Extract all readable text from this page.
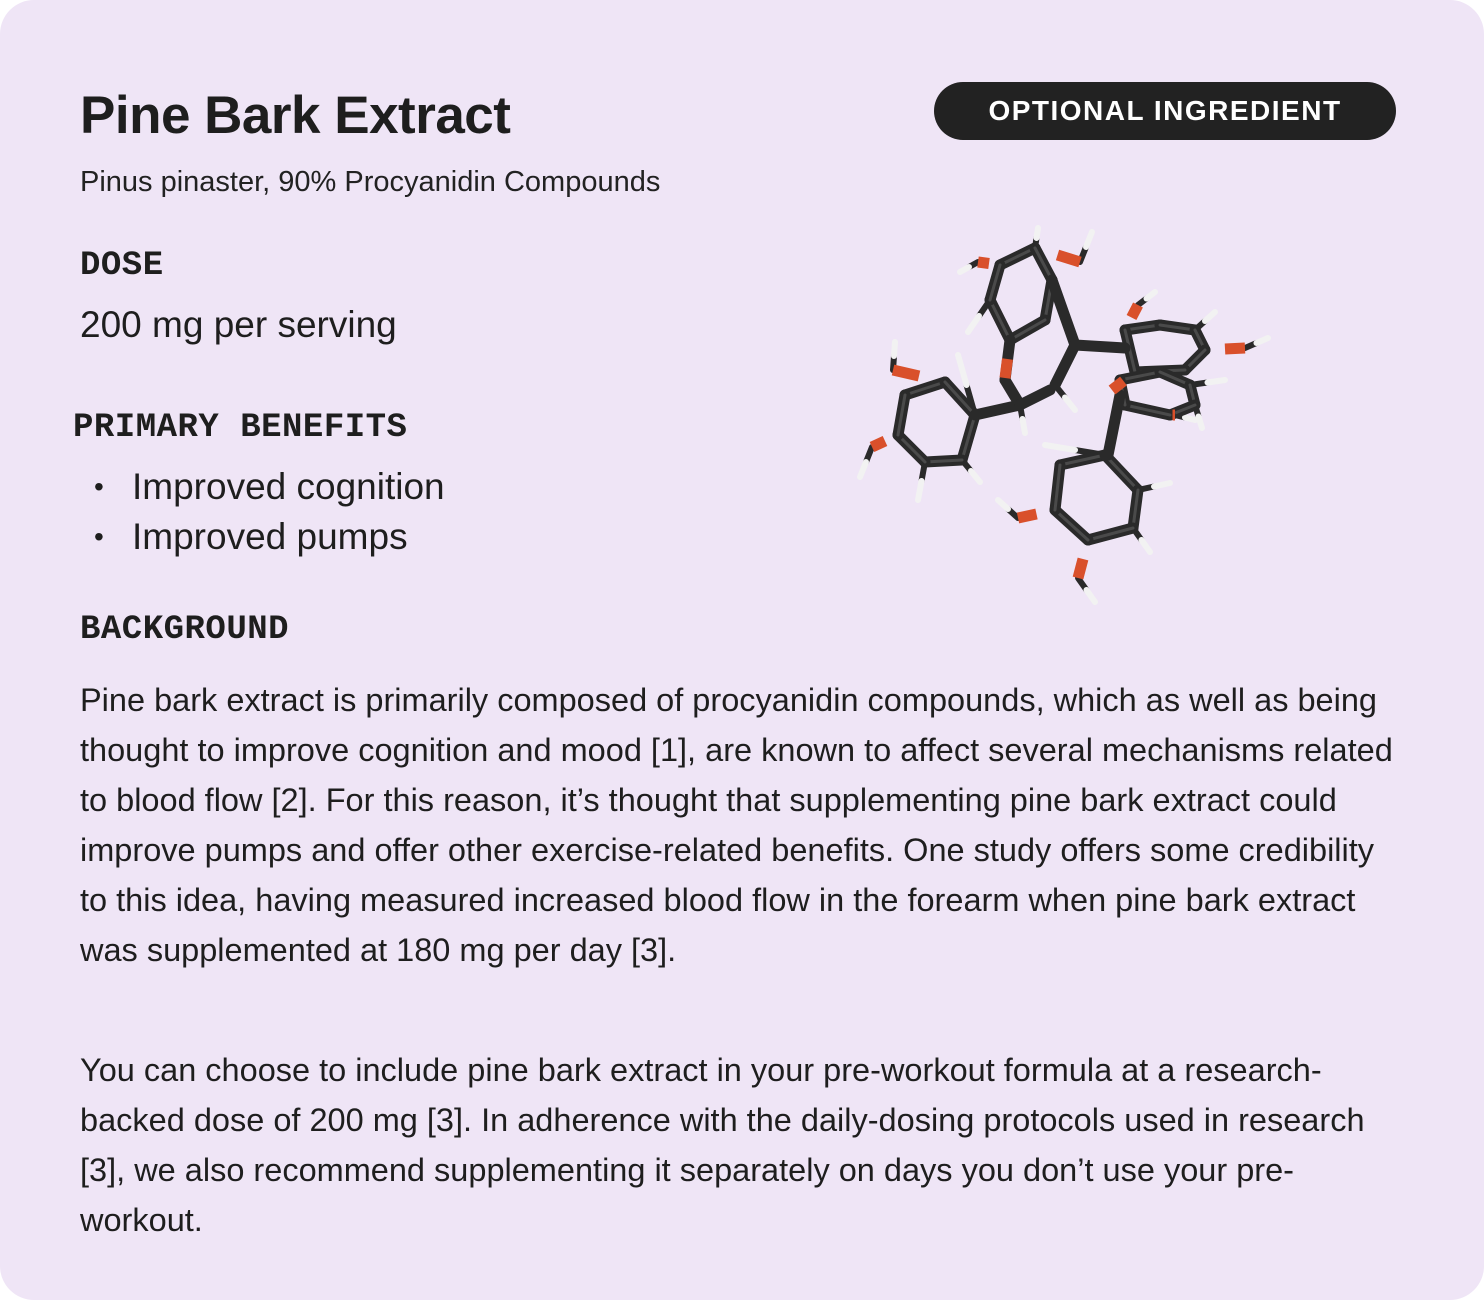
Pine Bark Extract

Pinus pinaster, 90% Procyanidin Compounds

OPTIONAL INGREDIENT
DOSE

200 mg per serving

PRIMARY BENEFITS
• Improved cognition
• Improved pumps
BACKGROUND

Pine bark extract is primarily composed of procyanidin compounds, which as well as being thought to improve cognition and mood [1], are known to affect several mechanisms related to blood flow [2]. For this reason, it’s thought that supplementing pine bark extract could improve pumps and offer other exercise-related benefits. One study offers some credibility to this idea, having measured increased blood flow in the forearm when pine bark extract was supplemented at 180 mg per day [3].

You can choose to include pine bark extract in your pre-workout formula at a research-backed dose of 200 mg [3]. In adherence with the daily-dosing protocols used in research [3], we also recommend supplementing it separately on days you don’t use your pre-workout.
